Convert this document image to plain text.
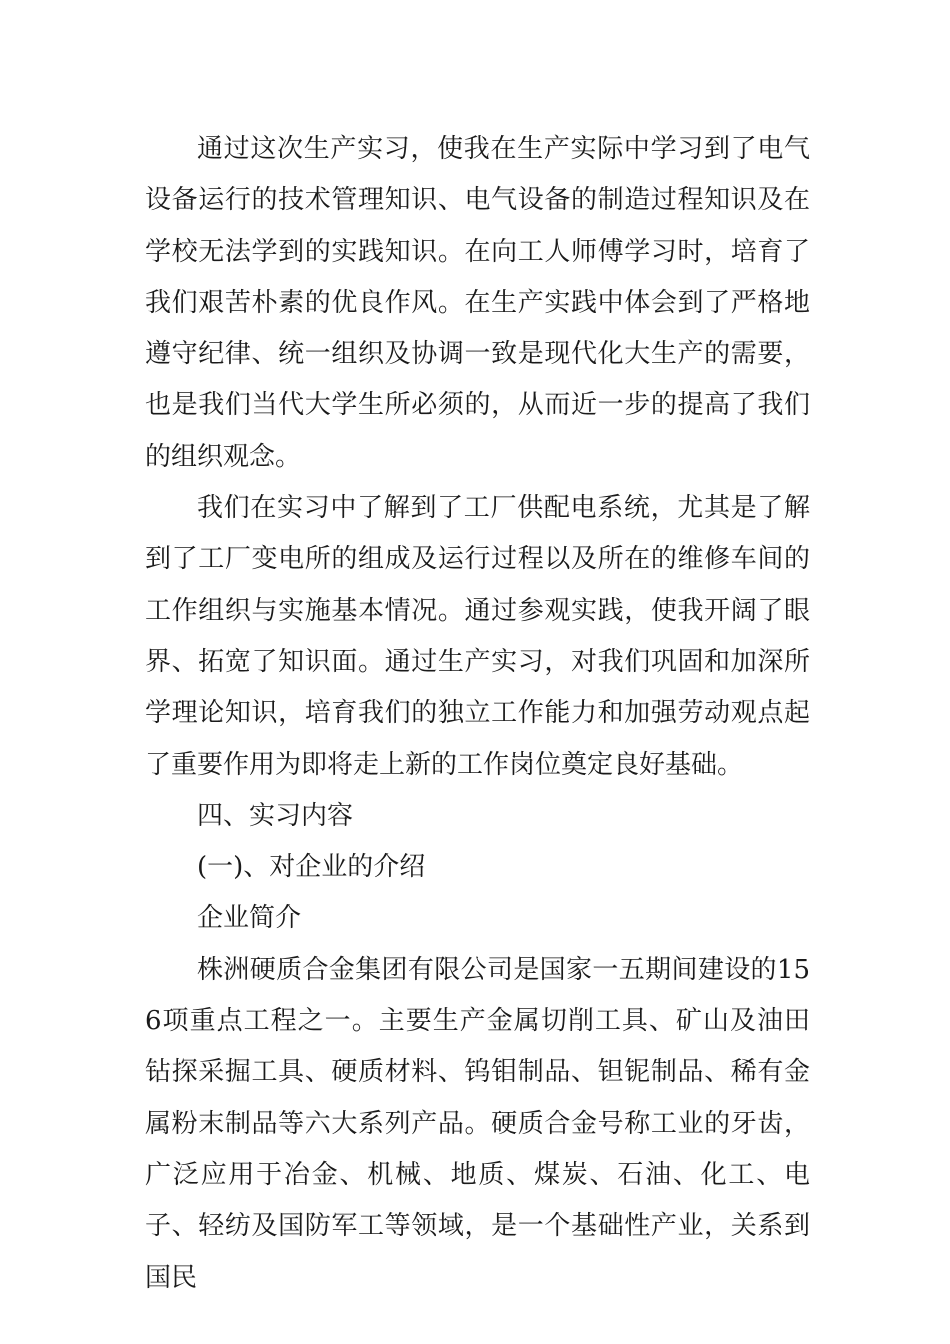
通过这次生产实习，使我在生产实际中学习到了电气设备运行的技术管理知识、电气设备的制造过程知识及在学校无法学到的实践知识。在向工人师傅学习时，培育了我们艰苦朴素的优良作风。在生产实践中体会到了严格地遵守纪律、统一组织及协调一致是现代化大生产的需要，也是我们当代大学生所必须的，从而近一步的提高了我们的组织观念。

我们在实习中了解到了工厂供配电系统，尤其是了解到了工厂变电所的组成及运行过程以及所在的维修车间的工作组织与实施基本情况。通过参观实践，使我开阔了眼界、拓宽了知识面。通过生产实习，对我们巩固和加深所学理论知识，培育我们的独立工作能力和加强劳动观点起了重要作用为即将走上新的工作岗位奠定良好基础。

四、实习内容

(一)、对企业的介绍

企业简介

株洲硬质合金集团有限公司是国家一五期间建设的156项重点工程之一。主要生产金属切削工具、矿山及油田钻探采掘工具、硬质材料、钨钼制品、钽铌制品、稀有金属粉末制品等六大系列产品。硬质合金号称工业的牙齿，广泛应用于冶金、机械、地质、煤炭、石油、化工、电子、轻纺及国防军工等领域，是一个基础性产业，关系到国民
